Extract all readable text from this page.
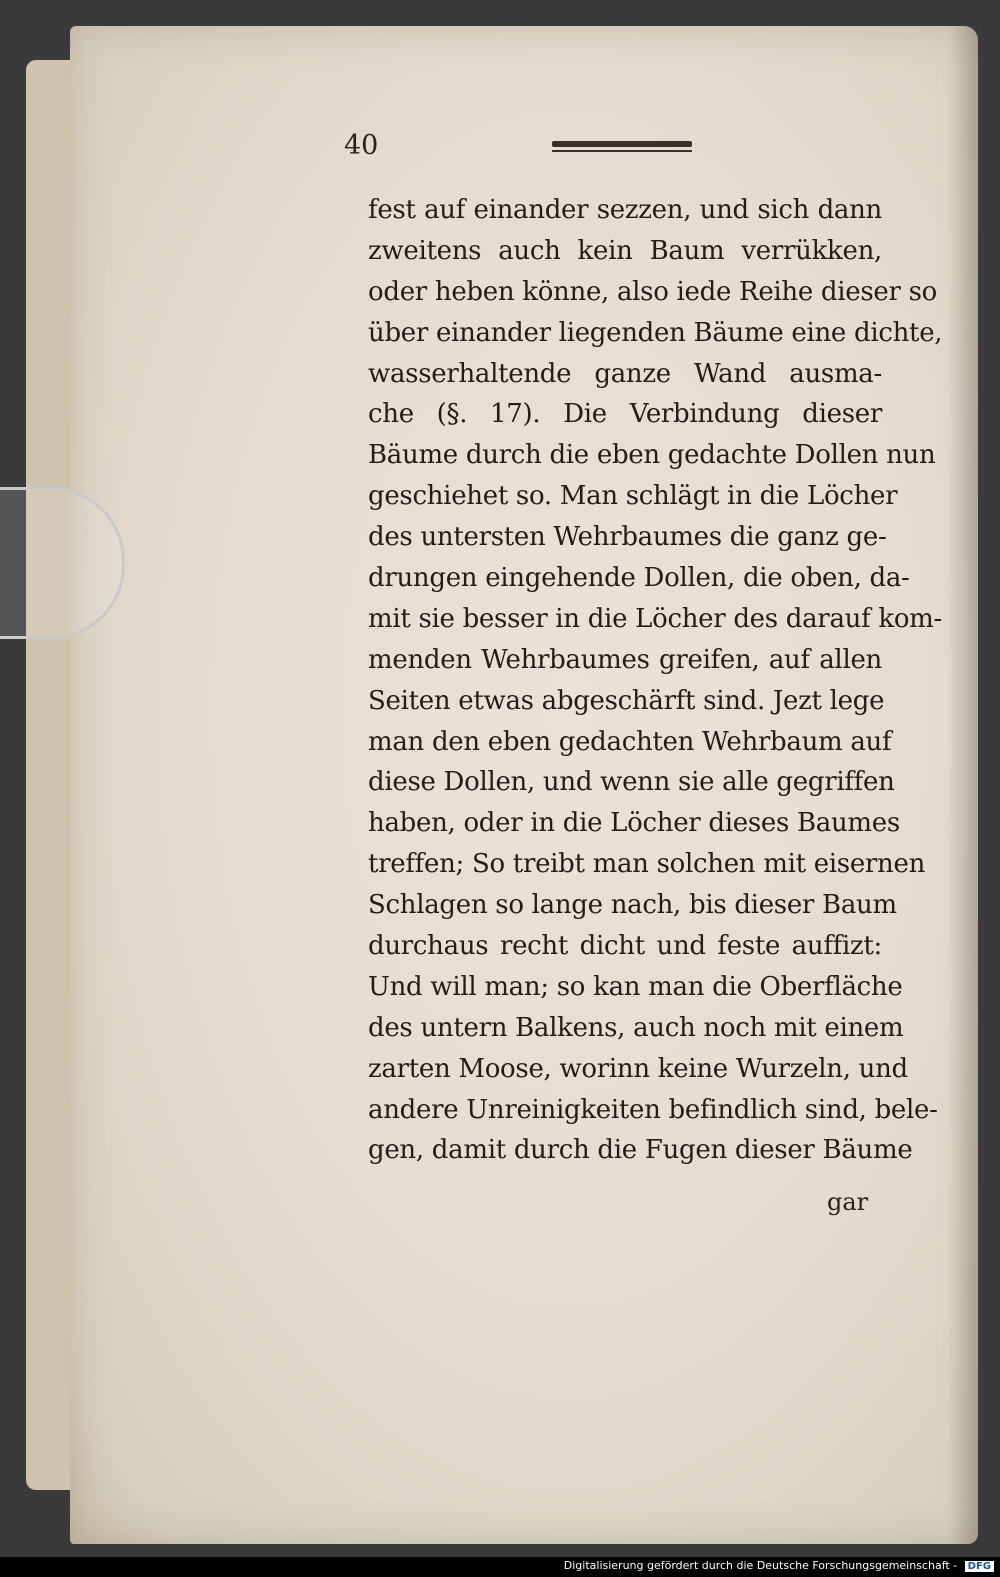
40
fest auf einander sezzen, und sich dann
zweitens auch kein Baum verrükken,
oder heben könne, also iede Reihe dieser so
über einander liegenden Bäume eine dichte,
wasserhaltende ganze Wand ausma-
che (§. 17). Die Verbindung dieser
Bäume durch die eben gedachte Dollen nun
geschiehet so. Man schlägt in die Löcher
des untersten Wehrbaumes die ganz ge-
drungen eingehende Dollen, die oben, da-
mit sie besser in die Löcher des darauf kom-
menden Wehrbaumes greifen, auf allen
Seiten etwas abgeschärft sind. Jezt lege
man den eben gedachten Wehrbaum auf
diese Dollen, und wenn sie alle gegriffen
haben, oder in die Löcher dieses Baumes
treffen; So treibt man solchen mit eisernen
Schlagen so lange nach, bis dieser Baum
durchaus recht dicht und feste auffizt:
Und will man; so kan man die Oberfläche
des untern Balkens, auch noch mit einem
zarten Moose, worinn keine Wurzeln, und
andere Unreinigkeiten befindlich sind, bele-
gen, damit durch die Fugen dieser Bäume
gar
Digitalisierung gefördert durch die Deutsche Forschungsgemeinschaft - DFG
